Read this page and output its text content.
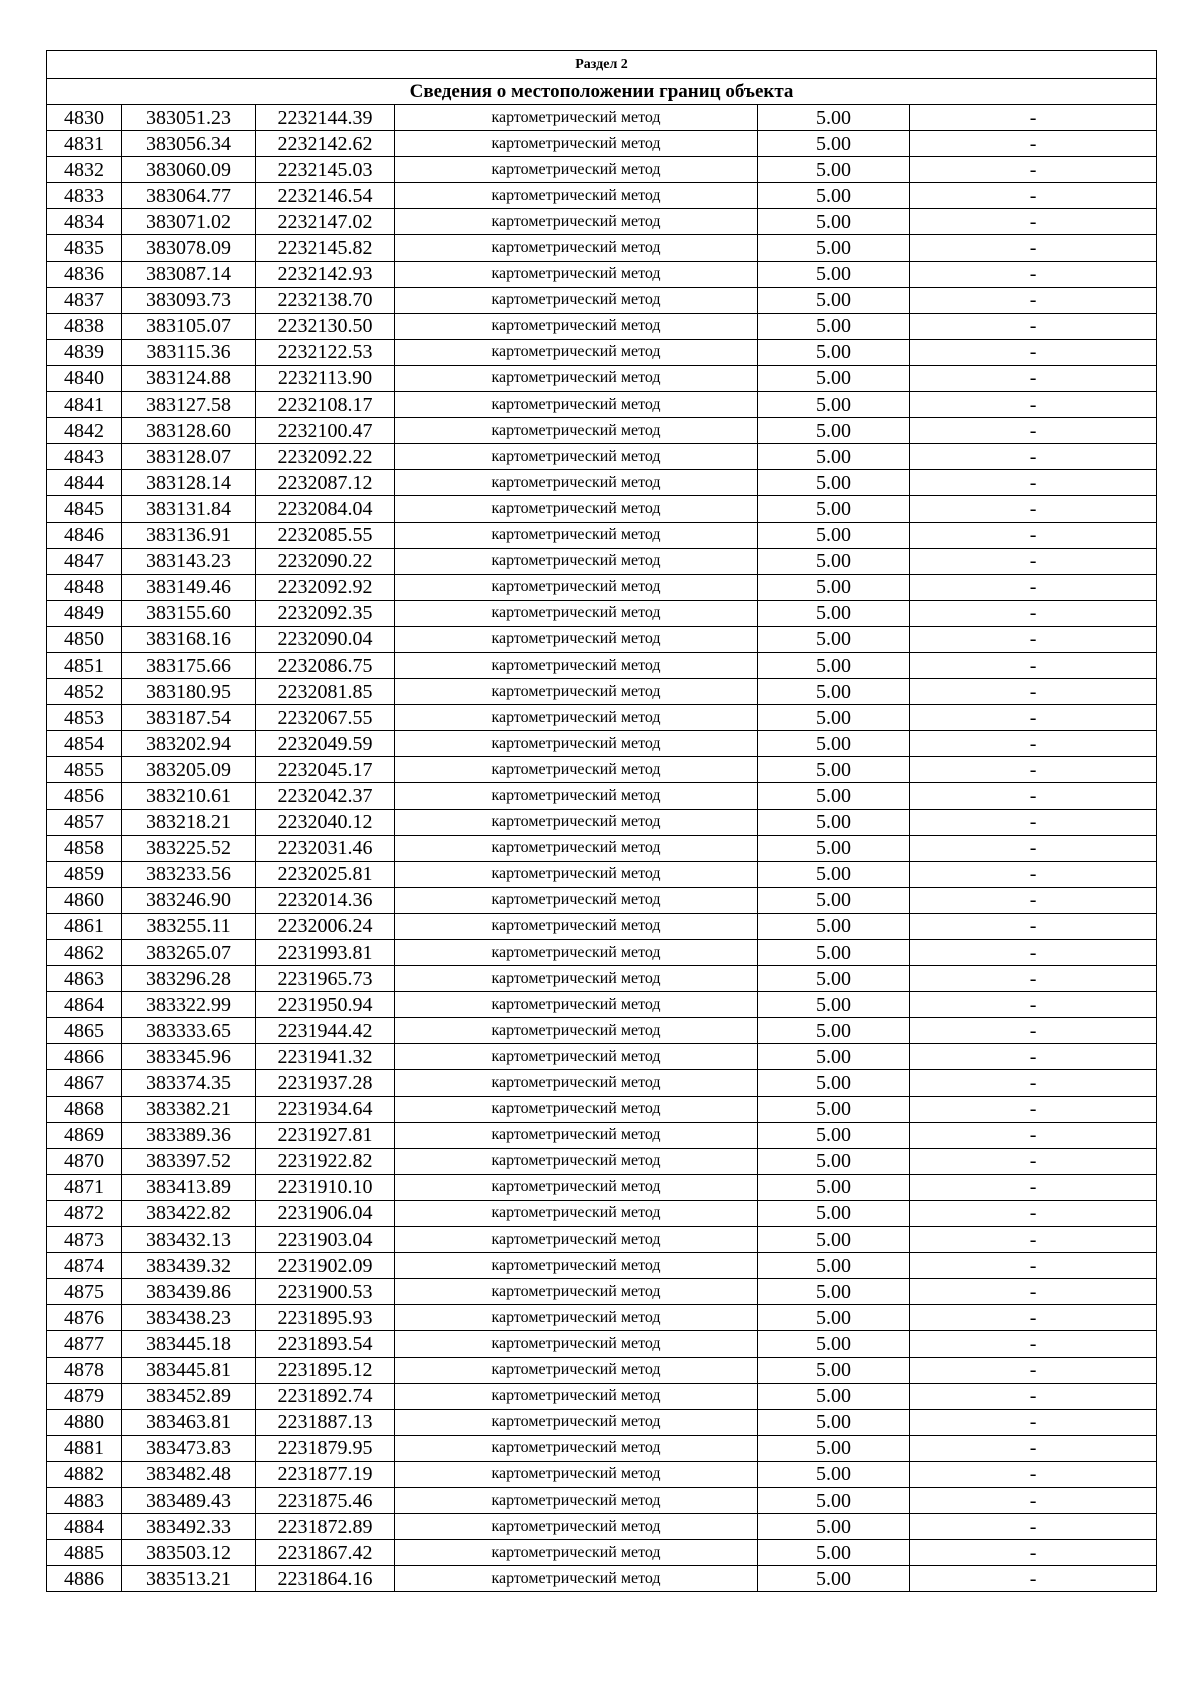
Раздел 2					
Сведения о местоположении границ объекта					
4830	383051.23	2232144.39	картометрический метод	5.00	-
4831	383056.34	2232142.62	картометрический метод	5.00	-
4832	383060.09	2232145.03	картометрический метод	5.00	-
4833	383064.77	2232146.54	картометрический метод	5.00	-
4834	383071.02	2232147.02	картометрический метод	5.00	-
4835	383078.09	2232145.82	картометрический метод	5.00	-
4836	383087.14	2232142.93	картометрический метод	5.00	-
4837	383093.73	2232138.70	картометрический метод	5.00	-
4838	383105.07	2232130.50	картометрический метод	5.00	-
4839	383115.36	2232122.53	картометрический метод	5.00	-
4840	383124.88	2232113.90	картометрический метод	5.00	-
4841	383127.58	2232108.17	картометрический метод	5.00	-
4842	383128.60	2232100.47	картометрический метод	5.00	-
4843	383128.07	2232092.22	картометрический метод	5.00	-
4844	383128.14	2232087.12	картометрический метод	5.00	-
4845	383131.84	2232084.04	картометрический метод	5.00	-
4846	383136.91	2232085.55	картометрический метод	5.00	-
4847	383143.23	2232090.22	картометрический метод	5.00	-
4848	383149.46	2232092.92	картометрический метод	5.00	-
4849	383155.60	2232092.35	картометрический метод	5.00	-
4850	383168.16	2232090.04	картометрический метод	5.00	-
4851	383175.66	2232086.75	картометрический метод	5.00	-
4852	383180.95	2232081.85	картометрический метод	5.00	-
4853	383187.54	2232067.55	картометрический метод	5.00	-
4854	383202.94	2232049.59	картометрический метод	5.00	-
4855	383205.09	2232045.17	картометрический метод	5.00	-
4856	383210.61	2232042.37	картометрический метод	5.00	-
4857	383218.21	2232040.12	картометрический метод	5.00	-
4858	383225.52	2232031.46	картометрический метод	5.00	-
4859	383233.56	2232025.81	картометрический метод	5.00	-
4860	383246.90	2232014.36	картометрический метод	5.00	-
4861	383255.11	2232006.24	картометрический метод	5.00	-
4862	383265.07	2231993.81	картометрический метод	5.00	-
4863	383296.28	2231965.73	картометрический метод	5.00	-
4864	383322.99	2231950.94	картометрический метод	5.00	-
4865	383333.65	2231944.42	картометрический метод	5.00	-
4866	383345.96	2231941.32	картометрический метод	5.00	-
4867	383374.35	2231937.28	картометрический метод	5.00	-
4868	383382.21	2231934.64	картометрический метод	5.00	-
4869	383389.36	2231927.81	картометрический метод	5.00	-
4870	383397.52	2231922.82	картометрический метод	5.00	-
4871	383413.89	2231910.10	картометрический метод	5.00	-
4872	383422.82	2231906.04	картометрический метод	5.00	-
4873	383432.13	2231903.04	картометрический метод	5.00	-
4874	383439.32	2231902.09	картометрический метод	5.00	-
4875	383439.86	2231900.53	картометрический метод	5.00	-
4876	383438.23	2231895.93	картометрический метод	5.00	-
4877	383445.18	2231893.54	картометрический метод	5.00	-
4878	383445.81	2231895.12	картометрический метод	5.00	-
4879	383452.89	2231892.74	картометрический метод	5.00	-
4880	383463.81	2231887.13	картометрический метод	5.00	-
4881	383473.83	2231879.95	картометрический метод	5.00	-
4882	383482.48	2231877.19	картометрический метод	5.00	-
4883	383489.43	2231875.46	картометрический метод	5.00	-
4884	383492.33	2231872.89	картометрический метод	5.00	-
4885	383503.12	2231867.42	картометрический метод	5.00	-
4886	383513.21	2231864.16	картометрический метод	5.00	-
